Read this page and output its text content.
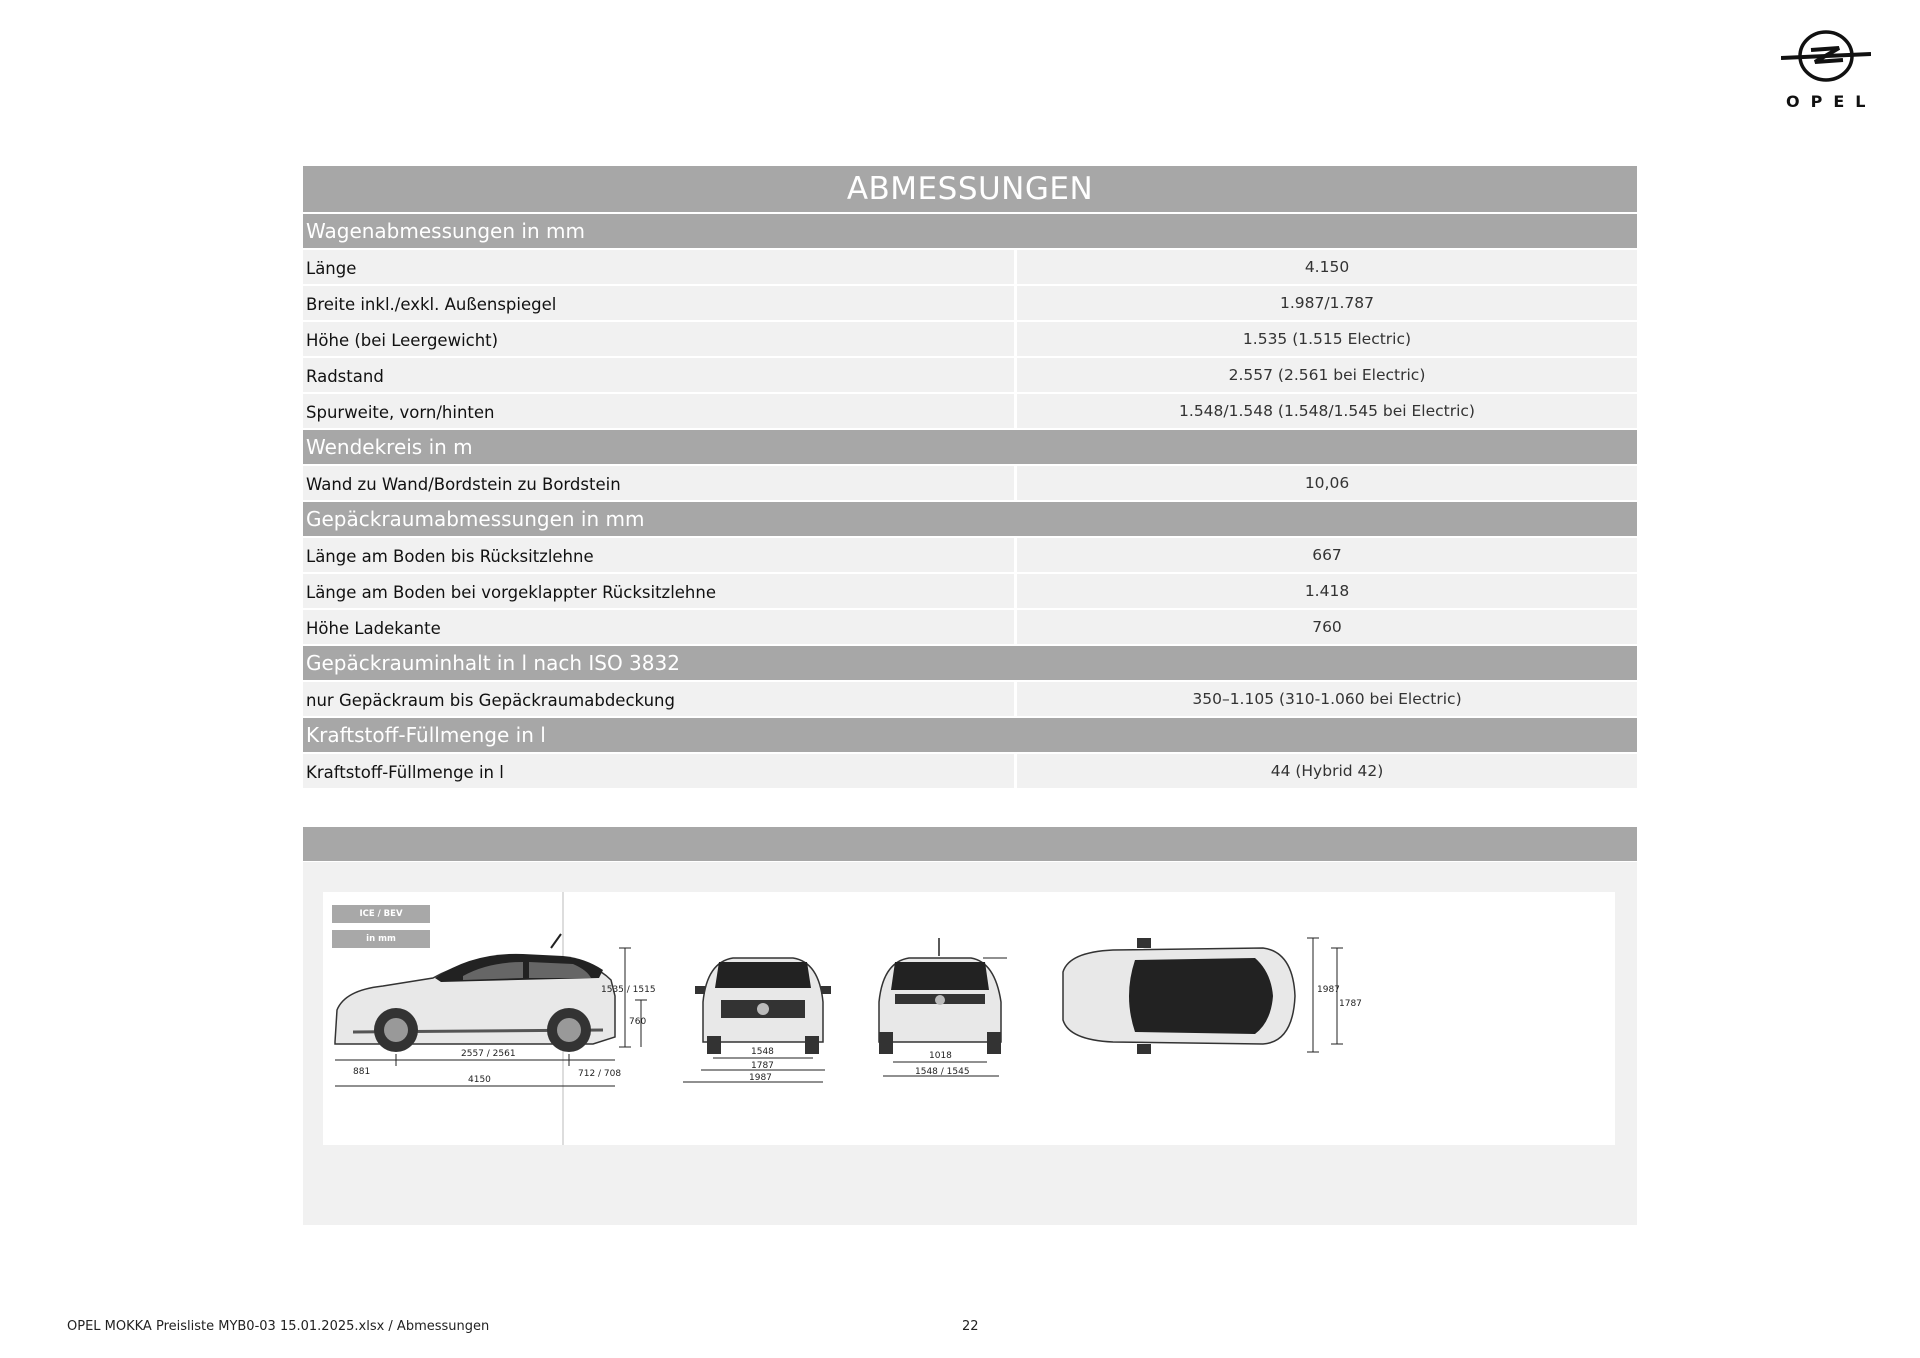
OPEL
ABMESSUNGEN
Wagenabmessungen in mm
Länge	4.150
Breite inkl./exkl. Außenspiegel	1.987/1.787
Höhe (bei Leergewicht)	1.535 (1.515 Electric)
Radstand	2.557 (2.561 bei Electric)
Spurweite, vorn/hinten	1.548/1.548 (1.548/1.545 bei Electric)
Wendekreis in m
Wand zu Wand/Bordstein zu Bordstein	10,06
Gepäckraumabmessungen in mm
Länge am Boden bis Rücksitzlehne	667
Länge am Boden bei vorgeklappter Rücksitzlehne	1.418
Höhe Ladekante	760
Gepäckrauminhalt in l nach ISO 3832
nur Gepäckraum bis Gepäckraumabdeckung	350–1.105 (310-1.060 bei Electric)
Kraftstoff-Füllmenge in l
Kraftstoff-Füllmenge in l	44 (Hybrid 42)
ICE / BEV
in mm
1535 / 1515
760
881
2557 / 2561
4150
712 / 708
1548
1787
1987
1018
1548 / 1545
1987
1787
OPEL MOKKA Preisliste MYB0-03 15.01.2025.xlsx / Abmessungen	22
